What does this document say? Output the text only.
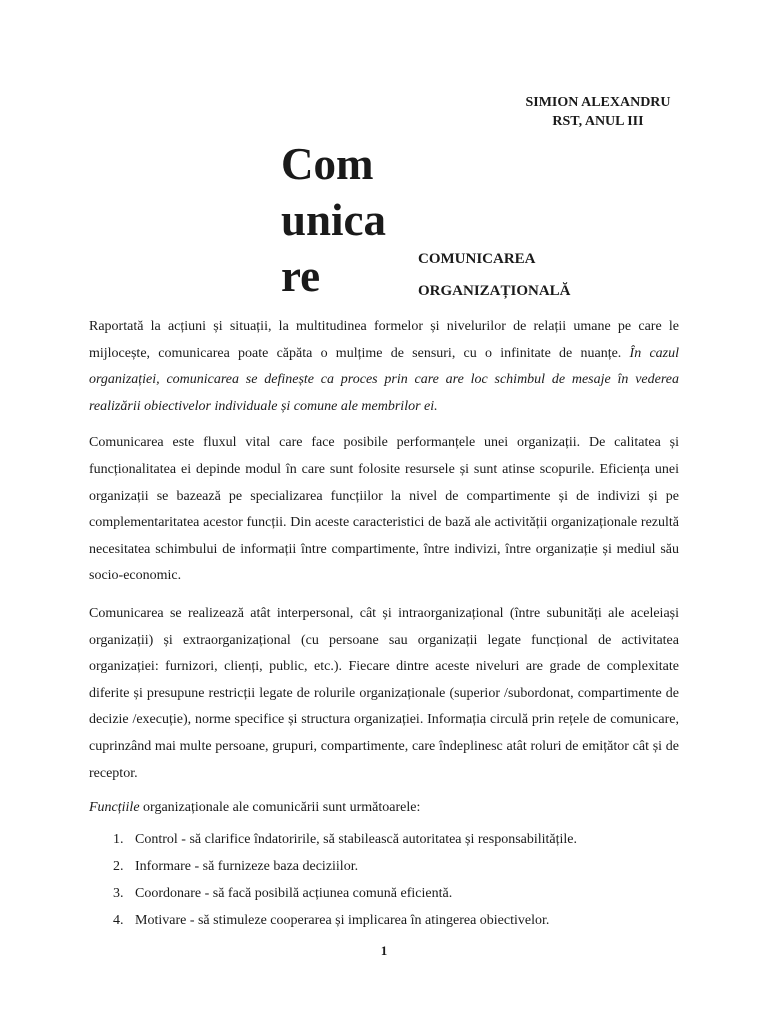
SIMION ALEXANDRU
RST, ANUL III
Com
unica
re	COMUNICAREA
ORGANIZAȚIONALĂ

Raportată la acțiuni și situații, la multitudinea formelor și nivelurilor de relații umane pe care le mijlocește, comunicarea poate căpăta o mulțime de sensuri, cu o infinitate de nuanțe. În cazul organizației, comunicarea se definește ca proces prin care are loc schimbul de mesaje în vederea realizării obiectivelor individuale și comune ale membrilor ei.

Comunicarea este fluxul vital care face posibile performanțele unei organizații. De calitatea și funcționalitatea ei depinde modul în care sunt folosite resursele și sunt atinse scopurile. Eficiența unei organizații se bazează pe specializarea funcțiilor la nivel de compartimente și de indivizi și pe complementaritatea acestor funcții. Din aceste caracteristici de bază ale activității organizaționale rezultă necesitatea schimbului de informații între compartimente, între indivizi, între organizație și mediul său socio-economic.

Comunicarea se realizează atât interpersonal, cât și intraorganizațional (între subunități ale aceleiași organizații) și extraorganizațional (cu persoane sau organizații legate funcțional de activitatea organizației: furnizori, clienți, public, etc.). Fiecare dintre aceste niveluri are grade de complexitate diferite și presupune restricții legate de rolurile organizaționale (superior /subordonat, compartimente de decizie /execuție), norme specifice și structura organizației. Informația circulă prin rețele de comunicare, cuprinzând mai multe persoane, grupuri, compartimente, care îndeplinesc atât roluri de emițător cât și de receptor.

Funcțiile organizaționale ale comunicării sunt următoarele:

1. Control - să clarifice îndatoririle, să stabilească autoritatea și responsabilitățile.
2. Informare - să furnizeze baza deciziilor.
3. Coordonare - să facă posibilă acțiunea comună eficientă.
4. Motivare - să stimuleze cooperarea și implicarea în atingerea obiectivelor.
1
